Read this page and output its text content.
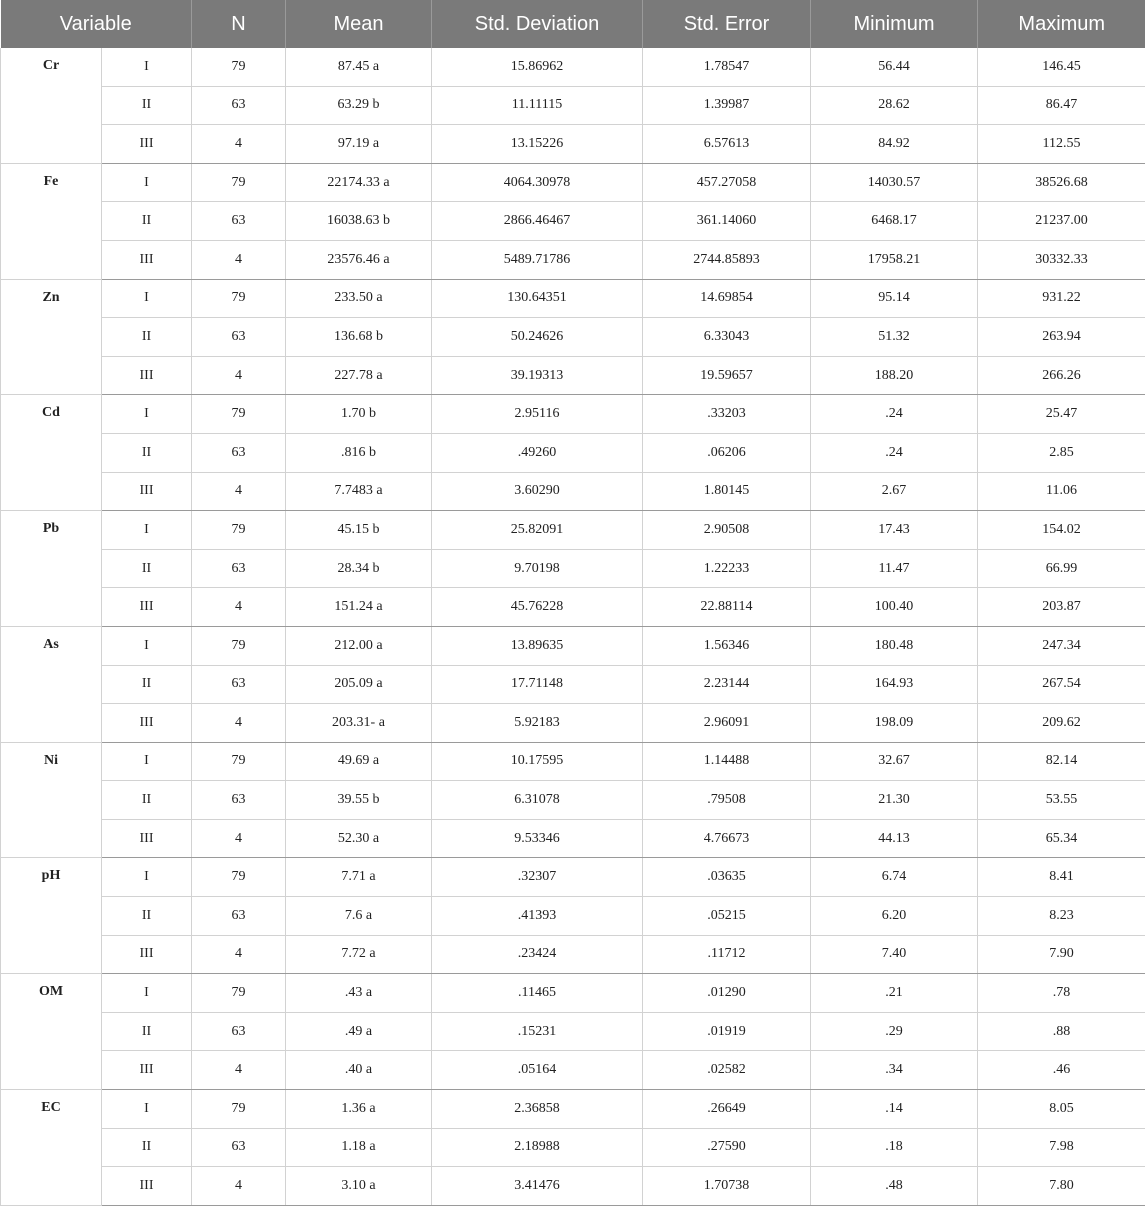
Variable		N	Mean	Std. Deviation	Std. Error	Minimum	Maximum
Cr	I	79	87.45 a	15.86962	1.78547	56.44	146.45
	II	63	63.29 b	11.11115	1.39987	28.62	86.47
	III	4	97.19 a	13.15226	6.57613	84.92	112.55
Fe	I	79	22174.33 a	4064.30978	457.27058	14030.57	38526.68
	II	63	16038.63 b	2866.46467	361.14060	6468.17	21237.00
	III	4	23576.46 a	5489.71786	2744.85893	17958.21	30332.33
Zn	I	79	233.50 a	130.64351	14.69854	95.14	931.22
	II	63	136.68 b	50.24626	6.33043	51.32	263.94
	III	4	227.78 a	39.19313	19.59657	188.20	266.26
Cd	I	79	1.70 b	2.95116	.33203	.24	25.47
	II	63	.816 b	.49260	.06206	.24	2.85
	III	4	7.7483 a	3.60290	1.80145	2.67	11.06
Pb	I	79	45.15 b	25.82091	2.90508	17.43	154.02
	II	63	28.34 b	9.70198	1.22233	11.47	66.99
	III	4	151.24 a	45.76228	22.88114	100.40	203.87
As	I	79	212.00 a	13.89635	1.56346	180.48	247.34
	II	63	205.09 a	17.71148	2.23144	164.93	267.54
	III	4	203.31- a	5.92183	2.96091	198.09	209.62
Ni	I	79	49.69 a	10.17595	1.14488	32.67	82.14
	II	63	39.55 b	6.31078	.79508	21.30	53.55
	III	4	52.30 a	9.53346	4.76673	44.13	65.34
pH	I	79	7.71 a	.32307	.03635	6.74	8.41
	II	63	7.6 a	.41393	.05215	6.20	8.23
	III	4	7.72 a	.23424	.11712	7.40	7.90
OM	I	79	.43 a	.11465	.01290	.21	.78
	II	63	.49 a	.15231	.01919	.29	.88
	III	4	.40 a	.05164	.02582	.34	.46
EC	I	79	1.36 a	2.36858	.26649	.14	8.05
	II	63	1.18 a	2.18988	.27590	.18	7.98
	III	4	3.10 a	3.41476	1.70738	.48	7.80
